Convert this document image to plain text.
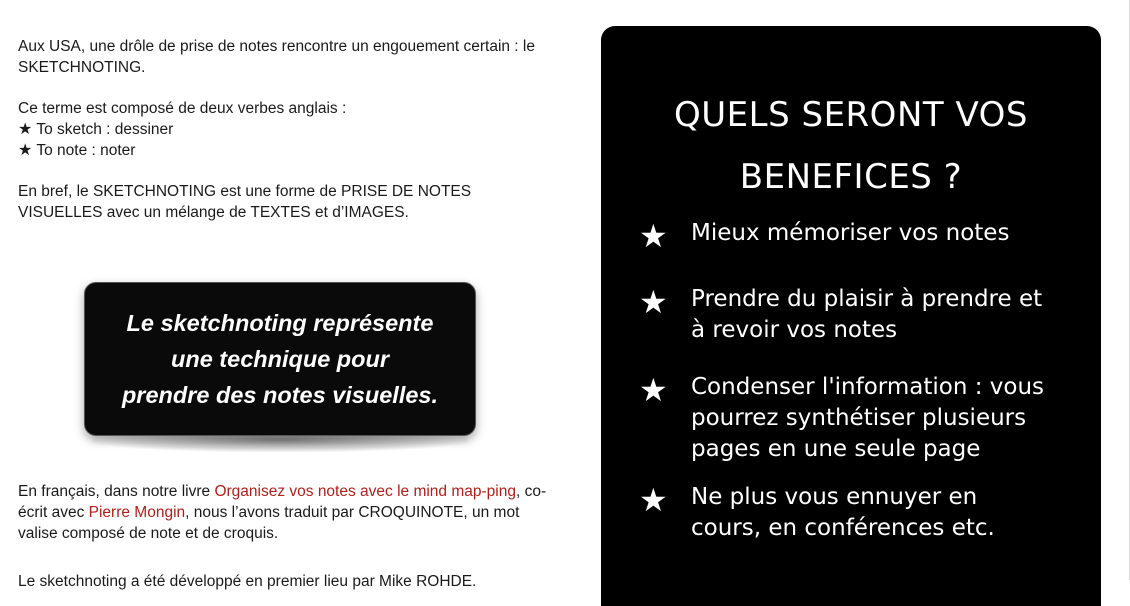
Aux USA, une drôle de prise de notes rencontre un engouement certain : le SKETCHNOTING.

Ce terme est composé de deux verbes anglais :

★ To sketch : dessiner

★ To note : noter

En bref, le SKETCHNOTING est une forme de PRISE DE NOTES VISUELLES avec un mélange de TEXTES et d’IMAGES.

Le sketchnoting représente
une technique pour
prendre des notes visuelles.

En français, dans notre livre Organisez vos notes avec le mind map-ping, co-écrit avec Pierre Mongin, nous l’avons traduit par CROQUINOTE, un mot valise composé de note et de croquis.

Le sketchnoting a été développé en premier lieu par Mike ROHDE.
QUELS SERONT VOS
BENEFICES ?
★ Mieux mémoriser vos notes
★ Prendre du plaisir à prendre et à revoir vos notes
★ Condenser l'information : vous pourrez synthétiser plusieurs pages en une seule page
★ Ne plus vous ennuyer en cours, en conférences etc.
